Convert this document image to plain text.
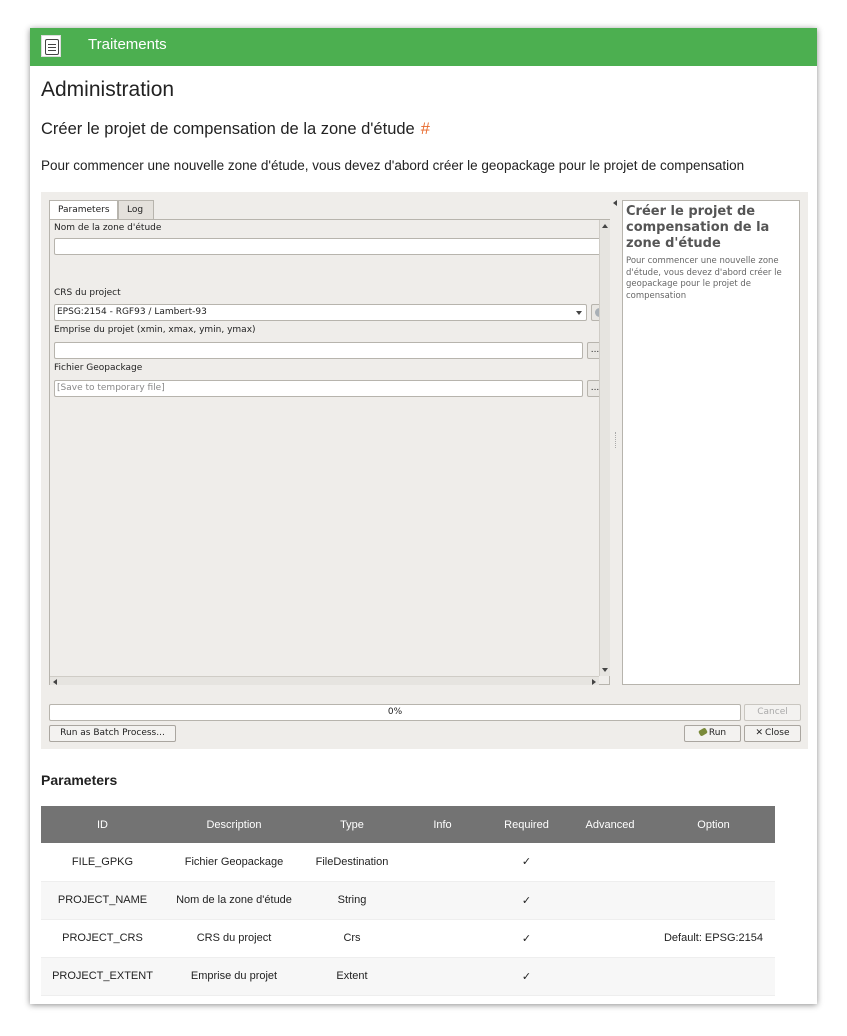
Traitements
Administration
Créer le projet de compensation de la zone d'étude #
Pour commencer une nouvelle zone d'étude, vous devez d'abord créer le geopackage pour le projet de compensation
Parameters	Log
Nom de la zone d'étude
CRS du project
EPSG:2154 - RGF93 / Lambert-93
Emprise du projet (xmin, xmax, ymin, ymax)
...
Fichier Geopackage
[Save to temporary file]	...
Créer le projet de compensation de la zone d'étude
Pour commencer une nouvelle zone d'étude, vous devez d'abord créer le geopackage pour le projet de compensation
0%	Cancel
Run as Batch Process...	Run	✕ Close
Parameters
ID	Description	Type	Info	Required	Advanced	Option
FILE_GPKG	Fichier Geopackage	FileDestination		✓		
PROJECT_NAME	Nom de la zone d'étude	String		✓		
PROJECT_CRS	CRS du project	Crs		✓		Default: EPSG:2154
PROJECT_EXTENT	Emprise du projet	Extent		✓		
